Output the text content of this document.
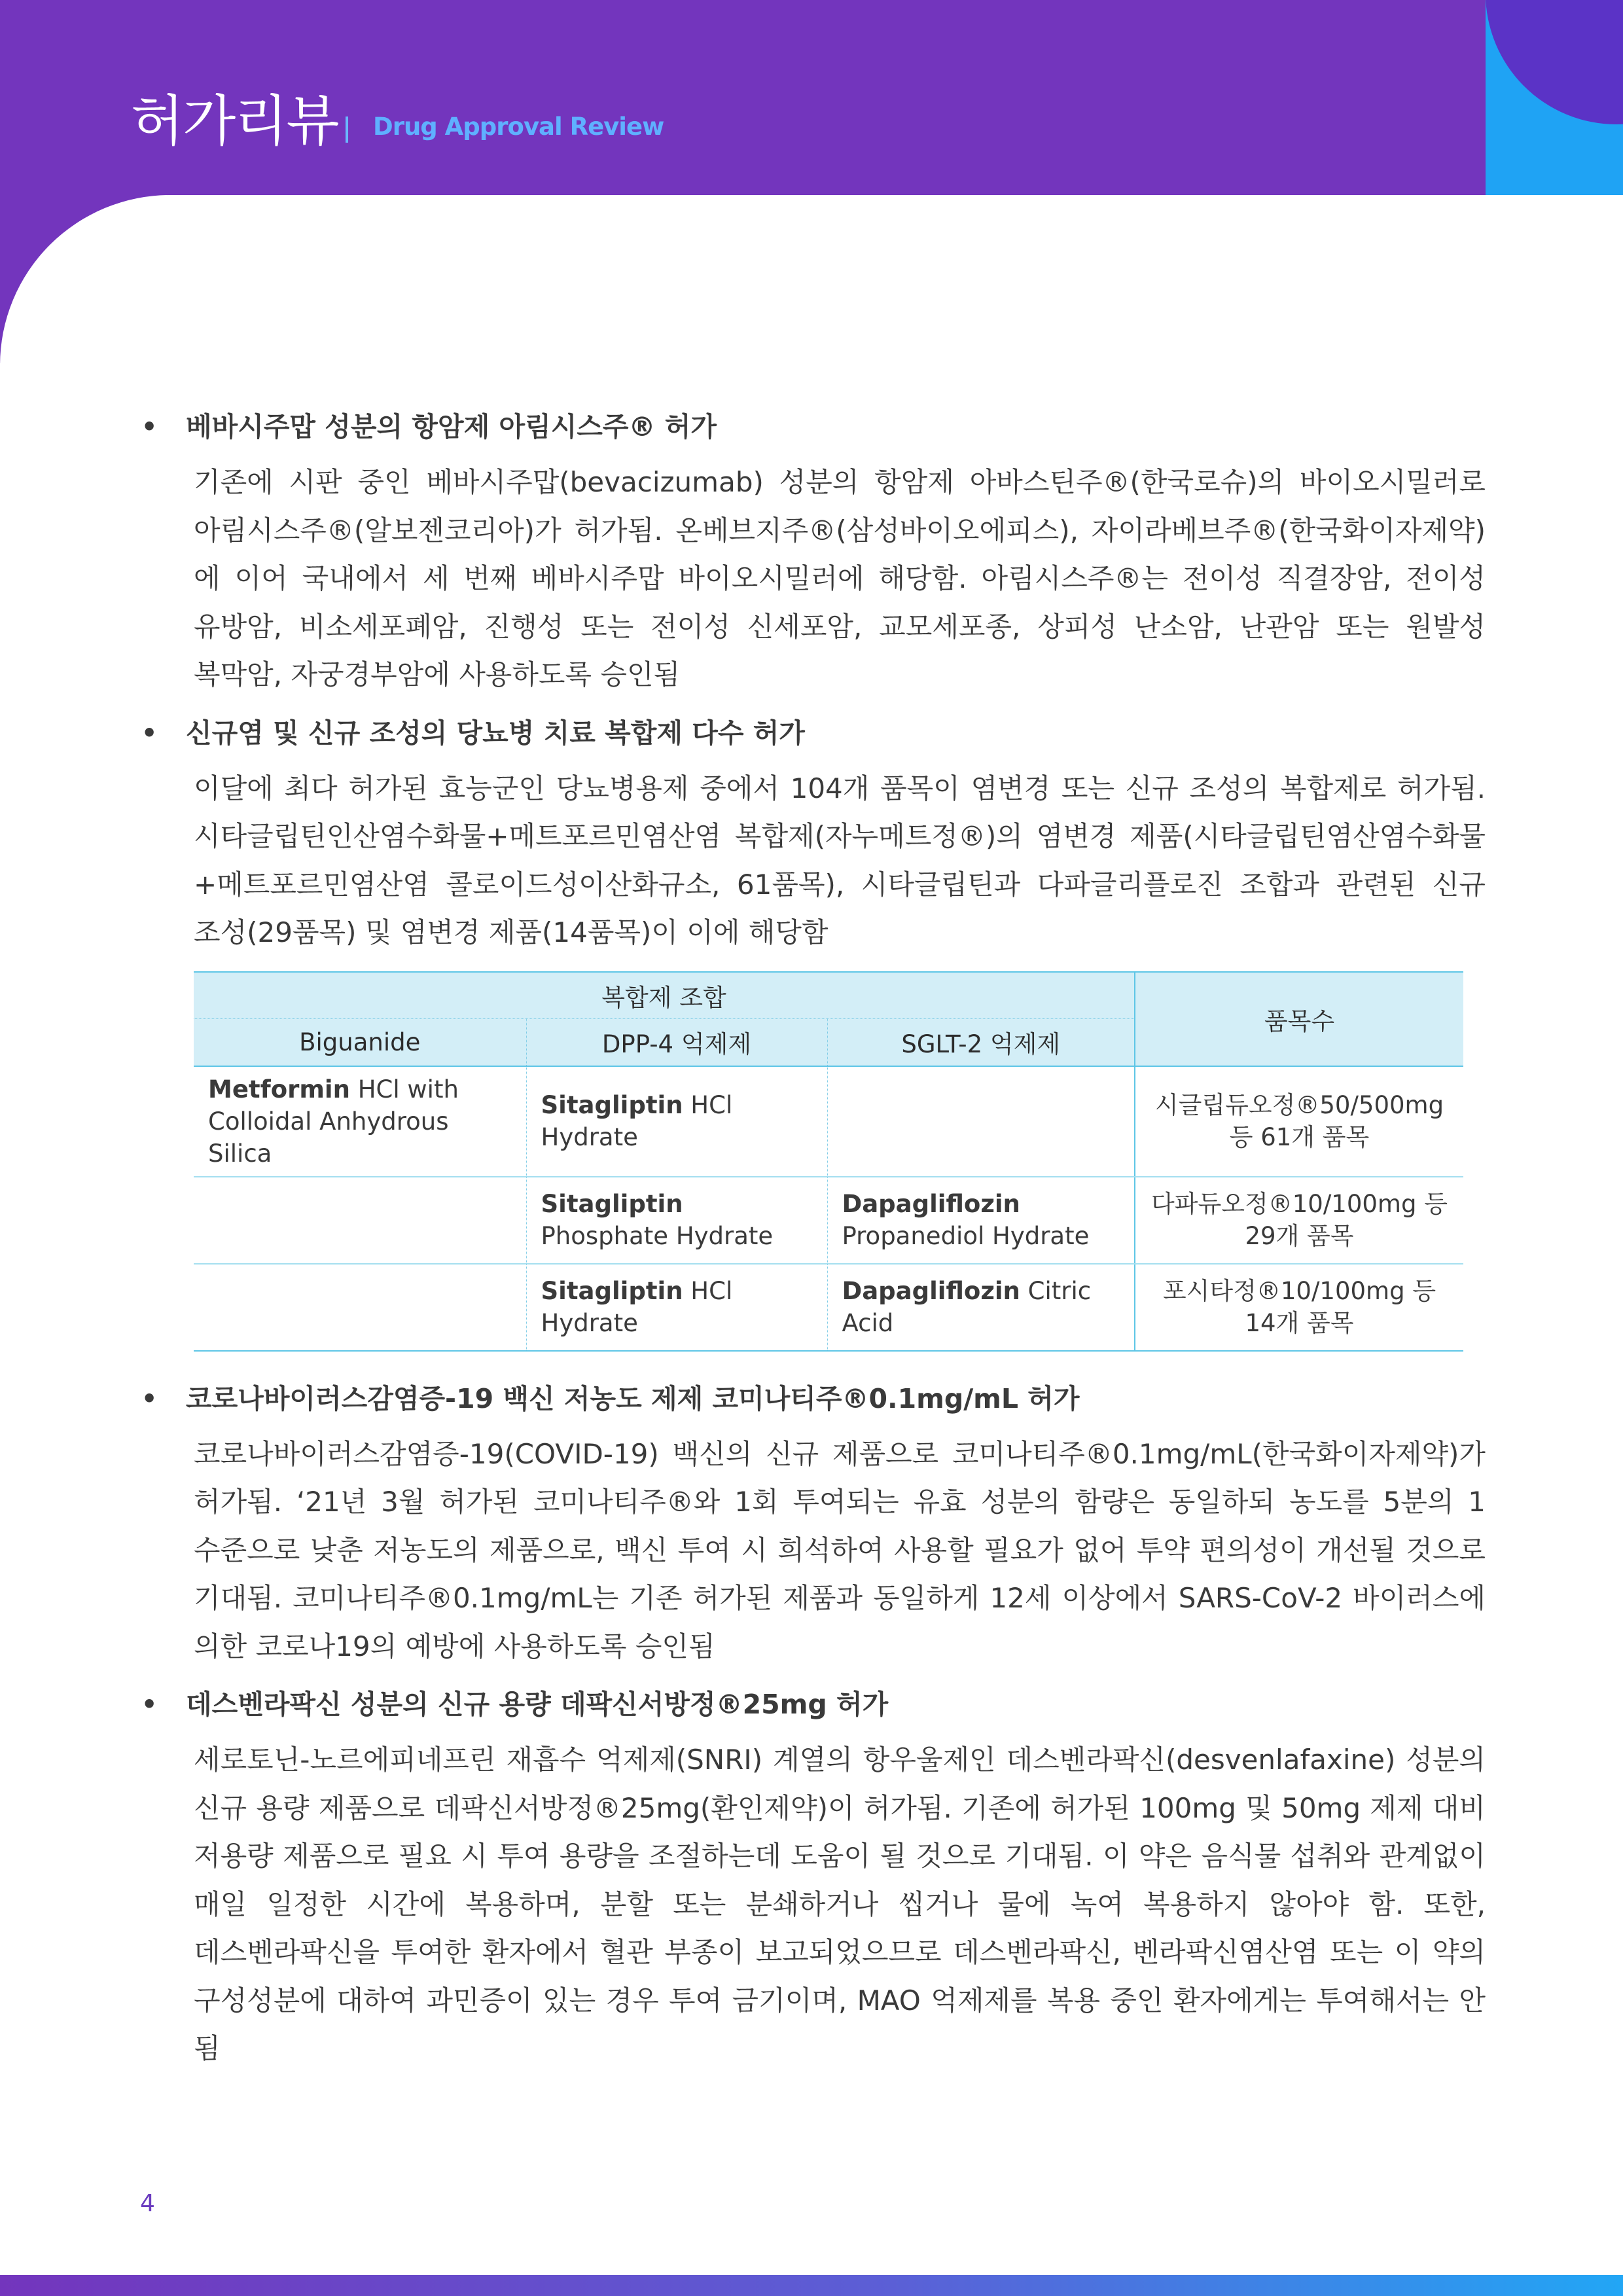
허가리뷰 Drug Approval Review
• 베바시주맙 성분의 항암제 아림시스주® 허가

기존에 시판 중인 베바시주맙(bevacizumab) 성분의 항암제 아바스틴주®(한국로슈)의 바이오시밀러로 아림시스주®(알보젠코리아)가 허가됨. 온베브지주®(삼성바이오에피스), 자이라베브주®(한국화이자제약)에 이어 국내에서 세 번째 베바시주맙 바이오시밀러에 해당함. 아림시스주®는 전이성 직결장암, 전이성 유방암, 비소세포폐암, 진행성 또는 전이성 신세포암, 교모세포종, 상피성 난소암, 난관암 또는 원발성 복막암, 자궁경부암에 사용하도록 승인됨

• 신규염 및 신규 조성의 당뇨병 치료 복합제 다수 허가

이달에 최다 허가된 효능군인 당뇨병용제 중에서 104개 품목이 염변경 또는 신규 조성의 복합제로 허가됨. 시타글립틴인산염수화물+메트포르민염산염 복합제(자누메트정®)의 염변경 제품(시타글립틴염산염수화물+메트포르민염산염 콜로이드성이산화규소, 61품목), 시타글립틴과 다파글리플로진 조합과 관련된 신규 조성(29품목) 및 염변경 제품(14품목)이 이에 해당함

복합제 조합			품목수
Biguanide	DPP-4 억제제	SGLT-2 억제제	
Metformin HCl with Colloidal Anhydrous Silica	Sitagliptin HCl Hydrate		시글립듀오정®50/500mg
등 61개 품목

	Sitagliptin Phosphate Hydrate	Dapagliflozin Propanediol Hydrate	다파듀오정®10/100mg 등
29개 품목

	Sitagliptin HCl Hydrate	Dapagliflozin Citric Acid	포시타정®10/100mg 등
14개 품목
• 코로나바이러스감염증-19 백신 저농도 제제 코미나티주®0.1mg/mL 허가

코로나바이러스감염증-19(COVID-19) 백신의 신규 제품으로 코미나티주®0.1mg/mL(한국화이자제약)가 허가됨. ‘21년 3월 허가된 코미나티주®와 1회 투여되는 유효 성분의 함량은 동일하되 농도를 5분의 1 수준으로 낮춘 저농도의 제품으로, 백신 투여 시 희석하여 사용할 필요가 없어 투약 편의성이 개선될 것으로 기대됨. 코미나티주®0.1mg/mL는 기존 허가된 제품과 동일하게 12세 이상에서 SARS-CoV-2 바이러스에 의한 코로나19의 예방에 사용하도록 승인됨

• 데스벤라팍신 성분의 신규 용량 데팍신서방정®25mg 허가

세로토닌-노르에피네프린 재흡수 억제제(SNRI) 계열의 항우울제인 데스벤라팍신(desvenlafaxine) 성분의 신규 용량 제품으로 데팍신서방정®25mg(환인제약)이 허가됨. 기존에 허가된 100mg 및 50mg 제제 대비 저용량 제품으로 필요 시 투여 용량을 조절하는데 도움이 될 것으로 기대됨. 이 약은 음식물 섭취와 관계없이 매일 일정한 시간에 복용하며, 분할 또는 분쇄하거나 씹거나 물에 녹여 복용하지 않아야 함. 또한, 데스벤라팍신을 투여한 환자에서 혈관 부종이 보고되었으므로 데스벤라팍신, 벤라팍신염산염 또는 이 약의 구성성분에 대하여 과민증이 있는 경우 투여 금기이며, MAO 억제제를 복용 중인 환자에게는 투여해서는 안 됨

4
